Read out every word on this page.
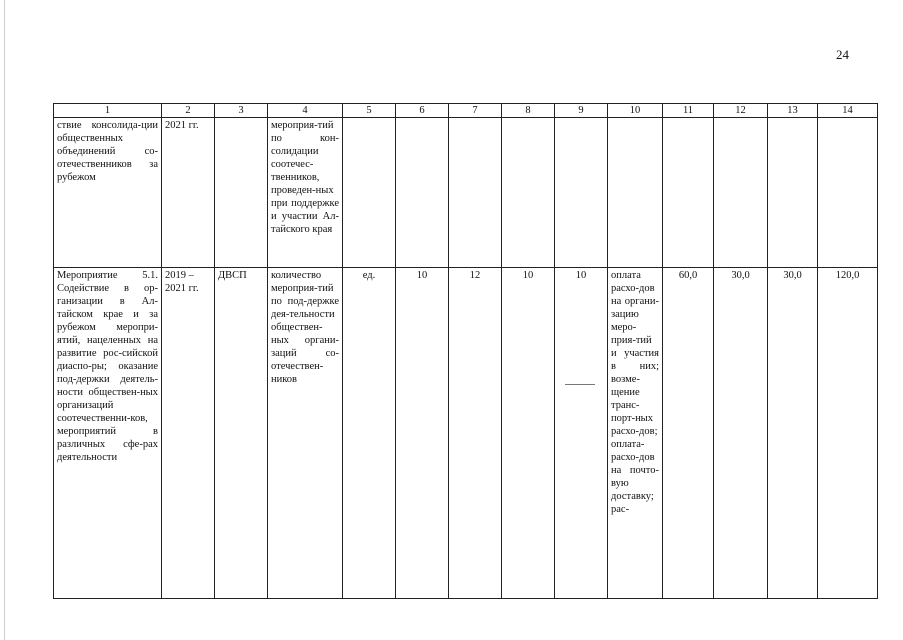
24
1	2	3	4	5	6	7	8	9	10	11	12	13	14
ствие консолида-ции общественных объединений со-отечественников за рубежом	2021 гг.		мероприя-тий по кон-солидации соотечес-твенников, проведен-ных при поддержке и участии Ал-тайского края										
Мероприятие 5.1. Содействие в ор-ганизации в Ал-тайском крае и за рубежом меропри-ятий, нацеленных на развитие рос-сийской диаспо-ры; оказание под-держки деятель-ности обществен-ных организаций соотечественни-ков, мероприятий в различных сфе-рах деятельности	2019 – 2021 гг.	ДВСП	количество мероприя-тий по под-держке дея-тельности обществен-ных органи-заций со-отечествен-ников	ед.	10	12	10	10	оплата расхо-дов на органи-зацию меро-прия-тий и участия в них; возме-щение транс-порт-ных расхо-дов; оплата-расхо-дов на почто-вую доставку; рас-	60,0	30,0	30,0	120,0
